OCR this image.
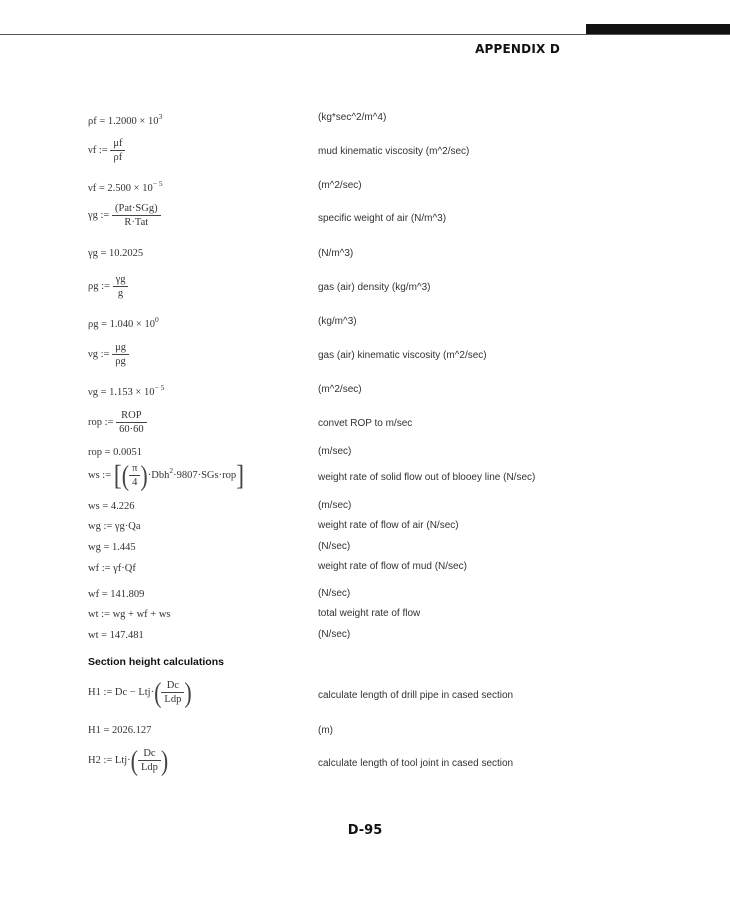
APPENDIX D
$\rho f = 1.2000 \times 10^3$	(kg*sec^2/m^4)
νf := $\frac{\mu f}{\rho f}$	mud kinematic viscosity (m^2/sec)
$\nu f = 2.500 \times 10^{- 5}$	(m^2/sec)
γg := $\frac{\text{(Pat·SGg)}}{\text{R·Tat}}$	specific weight of air (N/m^3)
γg = 10.2025	(N/m^3)
ρg := $\frac{\gamma g}{g}$	gas (air) density (kg/m^3)
$\rho g = 1.040 \times 10^0$	(kg/m^3)
νg := $\frac{\mu g}{\rho g}$	gas (air) kinematic viscosity (m^2/sec)
$\nu g = 1.153 \times 10^{- 5}$	(m^2/sec)
rop := $\frac{\text{ROP}}{60\cdot 60}$	convet ROP to m/sec
rop = 0.0051	(m/sec)
ws := [( $\frac{\pi}{4} )\cdot Dbh^2\cdot 9807\cdot SGs\cdot rop$]	weight rate of solid flow out of blooey line (N/sec)
ws = 4.226	(m/sec)
wg := γg·Qa	weight rate of flow of air (N/sec)
wg = 1.445	(N/sec)
wf := γf·Qf	weight rate of flow of mud (N/sec)
wf = 141.809	(N/sec)
wt := wg + wf + ws	total weight rate of flow
wt = 147.481	(N/sec)
Section height calculations
H1 := $Dc - Ltj\cdot( \frac{Dc}{\text{Ldp}}$ )	calculate length of drill pipe in cased section
H1 = 2026.127	(m)
H2 := $Ltj\cdot( \frac{Dc}{\text{Ldp}}$ )	calculate length of tool joint in cased section
D-95
